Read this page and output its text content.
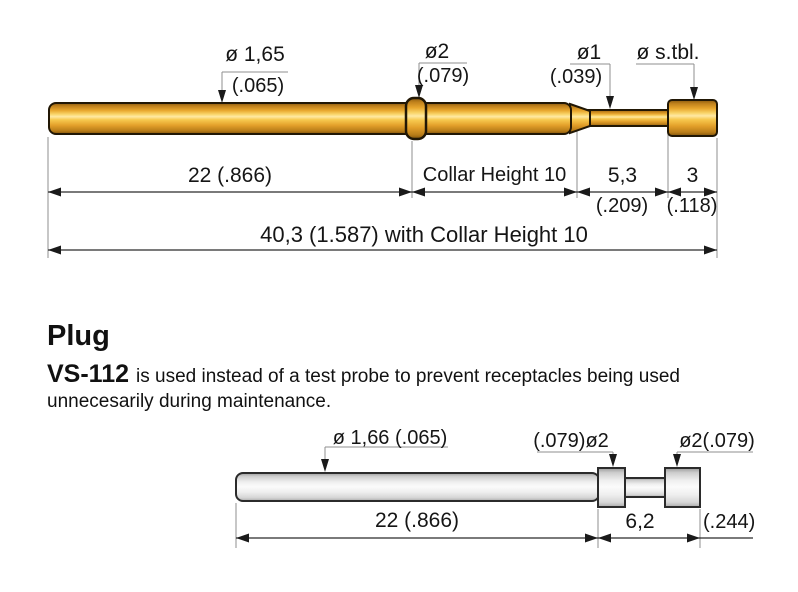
ø 1,65
(.065)
ø2
(.079)
ø1
(.039)
ø s.tbl.
22 (.866)	Collar Height 10	5,3	3
(.209) (.118)
40,3 (1.587) with Collar Height 10
Plug
VS-112 is used instead of a test probe to prevent receptacles being used
unnecesarily during maintenance.
ø 1,66 (.065)	(.079)ø2	ø2(.079)
22 (.866)	6,2	(.244)
